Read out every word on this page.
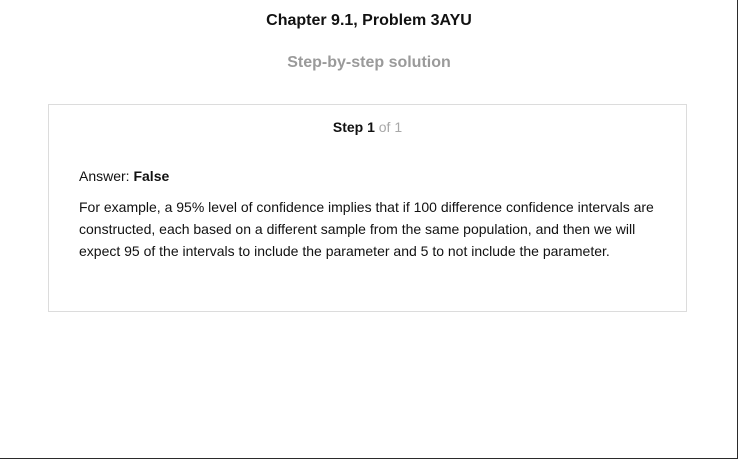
Chapter 9.1, Problem 3AYU
Step-by-step solution
Step 1 of 1
Answer: False

For example, a 95% level of confidence implies that if 100 difference confidence intervals are constructed, each based on a different sample from the same population, and then we will expect 95 of the intervals to include the parameter and 5 to not include the parameter.
